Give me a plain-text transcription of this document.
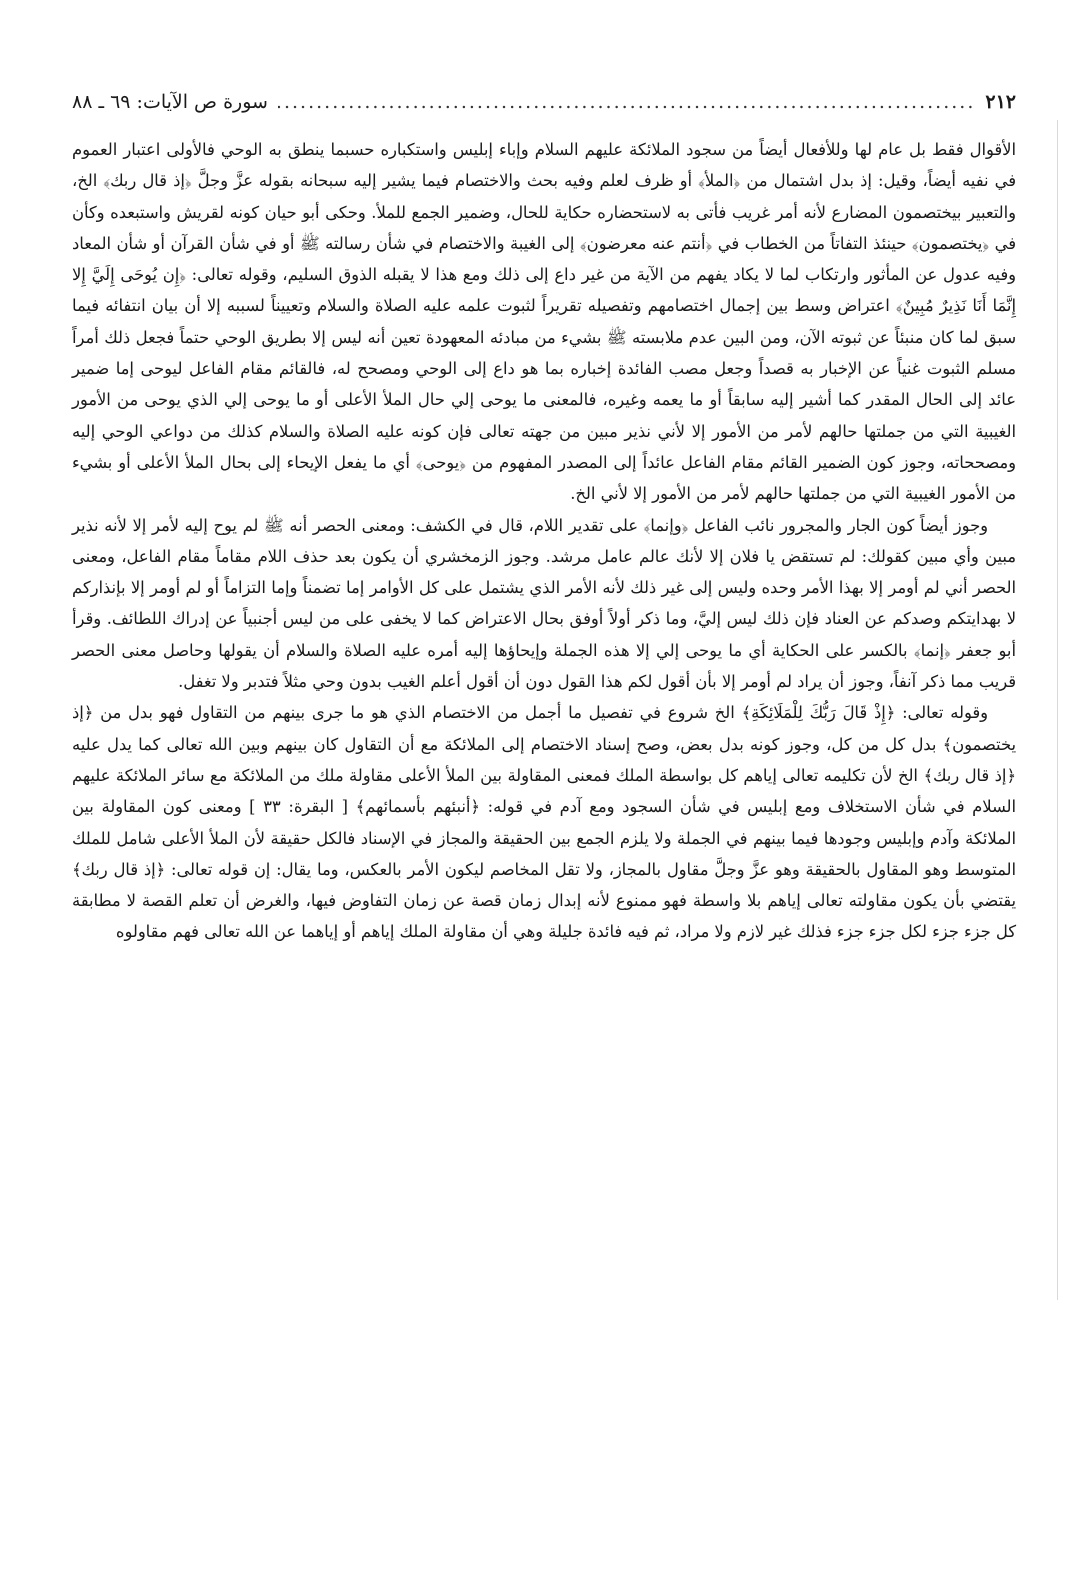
٢١٢
.....
سورة ص الآيات: ٦٩ ـ ٨٨

الأقوال فقط بل عام لها وللأفعال أيضاً من سجود الملائكة عليهم السلام وإباء إبليس واستكباره حسبما ينطق به الوحي فالأولى اعتبار العموم في نفيه أيضاً، وقيل: إذ بدل اشتمال من ﴿الملأ﴾ أو ظرف لعلم وفيه بحث والاختصام فيما يشير إليه سبحانه بقوله عزَّ وجلَّ ﴿إذ قال ربك﴾ الخ، والتعبير بيختصمون المضارع لأنه أمر غريب فأتى به لاستحضاره حكاية للحال، وضمير الجمع للملأ. وحكى أبو حيان كونه لقريش واستبعده وكأن في ﴿يختصمون﴾ حينئذ التفاتاً من الخطاب في ﴿أنتم عنه معرضون﴾ إلى الغيبة والاختصام في شأن رسالته ﷺ أو في شأن القرآن أو شأن المعاد وفيه عدول عن المأثور وارتكاب لما لا يكاد يفهم من الآية من غير داع إلى ذلك ومع هذا لا يقبله الذوق السليم، وقوله تعالى: ﴿إِن يُوحَى إِلَيَّ إِلا إِنَّمَا أَنَا نَذِيرٌ مُبِينٌ﴾ اعتراض وسط بين إجمال اختصامهم وتفصيله تقريراً لثبوت علمه عليه الصلاة والسلام وتعييناً لسببه إلا أن بيان انتفائه فيما سبق لما كان منبئاً عن ثبوته الآن، ومن البين عدم ملابسته ﷺ بشيء من مبادئه المعهودة تعين أنه ليس إلا بطريق الوحي حتماً فجعل ذلك أمراً مسلم الثبوت غنياً عن الإخبار به قصداً وجعل مصب الفائدة إخباره بما هو داع إلى الوحي ومصحح له، فالقائم مقام الفاعل ليوحى إما ضمير عائد إلى الحال المقدر كما أشير إليه سابقاً أو ما يعمه وغيره، فالمعنى ما يوحى إلي حال الملأ الأعلى أو ما يوحى إلي الذي يوحى من الأمور الغيبية التي من جملتها حالهم لأمر من الأمور إلا لأني نذير مبين من جهته تعالى فإن كونه عليه الصلاة والسلام كذلك من دواعي الوحي إليه ومصححاته، وجوز كون الضمير القائم مقام الفاعل عائداً إلى المصدر المفهوم من ﴿يوحى﴾ أي ما يفعل الإيحاء إلى بحال الملأ الأعلى أو بشيء من الأمور الغيبية التي من جملتها حالهم لأمر من الأمور إلا لأني الخ.

وجوز أيضاً كون الجار والمجرور نائب الفاعل ﴿وإنما﴾ على تقدير اللام، قال في الكشف: ومعنى الحصر أنه ﷺ لم يوح إليه لأمر إلا لأنه نذير مبين وأي مبين كقولك: لم تستقض يا فلان إلا لأنك عالم عامل مرشد. وجوز الزمخشري أن يكون بعد حذف اللام مقاماً مقام الفاعل، ومعنى الحصر أني لم أومر إلا بهذا الأمر وحده وليس إلى غير ذلك لأنه الأمر الذي يشتمل على كل الأوامر إما تضمناً وإما التزاماً أو لم أومر إلا بإنذاركم لا بهدايتكم وصدكم عن العناد فإن ذلك ليس إليَّ، وما ذكر أولاً أوفق بحال الاعتراض كما لا يخفى على من ليس أجنبياً عن إدراك اللطائف. وقرأ أبو جعفر ﴿إنما﴾ بالكسر على الحكاية أي ما يوحى إلي إلا هذه الجملة وإيحاؤها إليه أمره عليه الصلاة والسلام أن يقولها وحاصل معنى الحصر قريب مما ذكر آنفاً، وجوز أن يراد لم أومر إلا بأن أقول لكم هذا القول دون أن أقول أعلم الغيب بدون وحي مثلاً فتدبر ولا تغفل.

وقوله تعالى: ﴿إِذْ قَالَ رَبُّكَ لِلْمَلَائِكَةِ﴾ الخ شروع في تفصيل ما أجمل من الاختصام الذي هو ما جرى بينهم من التقاول فهو بدل من ﴿إذ يختصمون﴾ بدل كل من كل، وجوز كونه بدل بعض، وصح إسناد الاختصام إلى الملائكة مع أن التقاول كان بينهم وبين الله تعالى كما يدل عليه ﴿إذ قال ربك﴾ الخ لأن تكليمه تعالى إياهم كل بواسطة الملك فمعنى المقاولة بين الملأ الأعلى مقاولة ملك من الملائكة مع سائر الملائكة عليهم السلام في شأن الاستخلاف ومع إبليس في شأن السجود ومع آدم في قوله: ﴿أنبئهم بأسمائهم﴾ [ البقرة: ٣٣ ] ومعنى كون المقاولة بين الملائكة وآدم وإبليس وجودها فيما بينهم في الجملة ولا يلزم الجمع بين الحقيقة والمجاز في الإسناد فالكل حقيقة لأن الملأ الأعلى شامل للملك المتوسط وهو المقاول بالحقيقة وهو عزَّ وجلَّ مقاول بالمجاز، ولا تقل المخاصم ليكون الأمر بالعكس، وما يقال: إن قوله تعالى: ﴿إذ قال ربك﴾ يقتضي بأن يكون مقاولته تعالى إياهم بلا واسطة فهو ممنوع لأنه إبدال زمان قصة عن زمان التفاوض فيها، والغرض أن تعلم القصة لا مطابقة كل جزء جزء لكل جزء جزء فذلك غير لازم ولا مراد، ثم فيه فائدة جليلة وهي أن مقاولة الملك إياهم أو إياهما عن الله تعالى فهم مقاولوه
